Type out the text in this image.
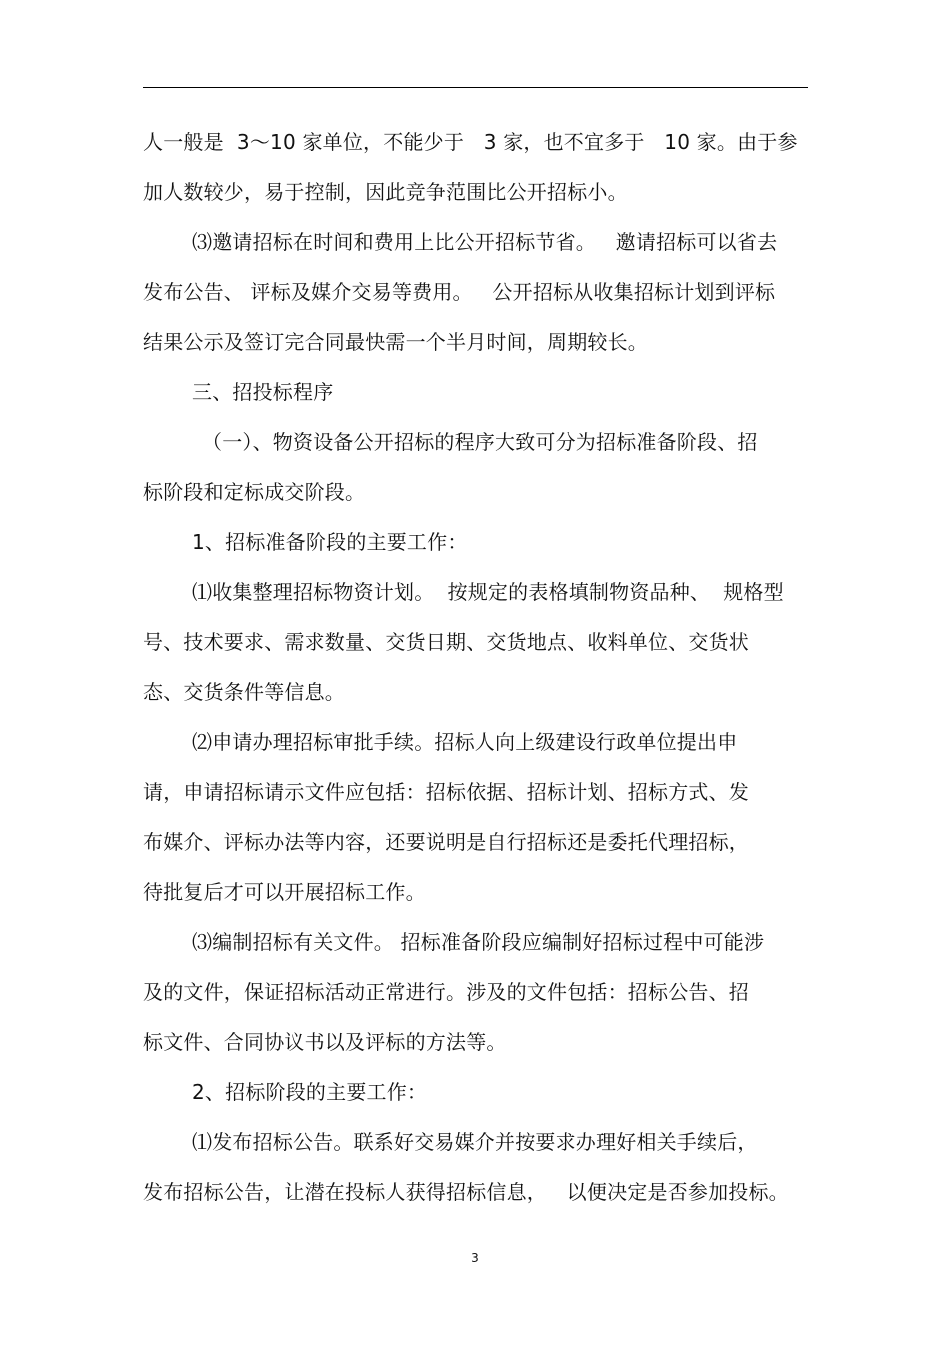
人一般是  3～10 家单位，不能少于   3 家，也不宜多于   10 家。由于参
加人数较少，易于控制，因此竞争范围比公开招标小。
⑶邀请招标在时间和费用上比公开招标节省。   邀请招标可以省去
发布公告、 评标及媒介交易等费用。   公开招标从收集招标计划到评标
结果公示及签订完合同最快需一个半月时间，周期较长。
三、招投标程序
（一）、物资设备公开招标的程序大致可分为招标准备阶段、招
标阶段和定标成交阶段。
1、招标准备阶段的主要工作：
⑴收集整理招标物资计划。  按规定的表格填制物资品种、  规格型
号、技术要求、需求数量、交货日期、交货地点、收料单位、交货状
态、交货条件等信息。
⑵申请办理招标审批手续。招标人向上级建设行政单位提出申
请，申请招标请示文件应包括：招标依据、招标计划、招标方式、发
布媒介、评标办法等内容，还要说明是自行招标还是委托代理招标，
待批复后才可以开展招标工作。
⑶编制招标有关文件。 招标准备阶段应编制好招标过程中可能涉
及的文件，保证招标活动正常进行。涉及的文件包括：招标公告、招
标文件、合同协议书以及评标的方法等。
2、招标阶段的主要工作：
⑴发布招标公告。联系好交易媒介并按要求办理好相关手续后，
发布招标公告，让潜在投标人获得招标信息，   以便决定是否参加投标。
3
